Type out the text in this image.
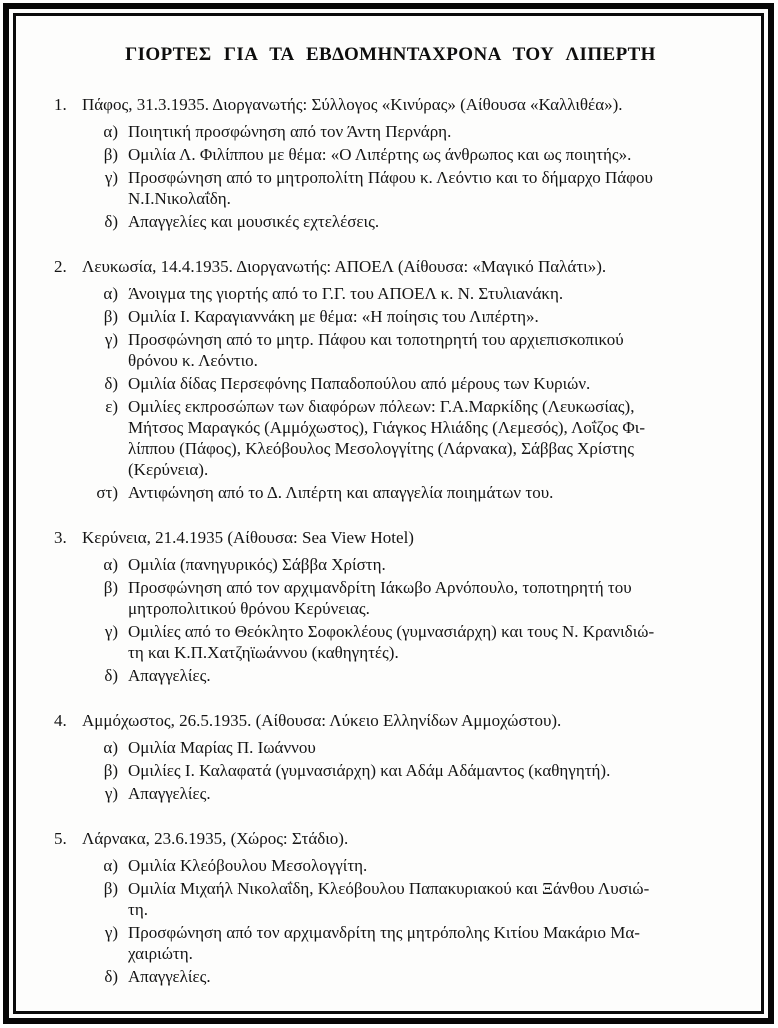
ΓΙΟΡΤΕΣ ΓΙΑ ΤΑ ΕΒΔΟΜΗΝΤΑΧΡΟΝΑ ΤΟΥ ΛΙΠΕΡΤΗ
1. Πάφος, 31.3.1935. Διοργανωτής: Σύλλογος «Κινύρας» (Αίθουσα «Καλλιθέα»).
α) Ποιητική προσφώνηση από τον Άντη Περνάρη.
β) Ομιλία Λ. Φιλίππου με θέμα: «Ο Λιπέρτης ως άνθρωπος και ως ποιητής».
γ) Προσφώνηση από το μητροπολίτη Πάφου κ. Λεόντιο και το δήμαρχο Πάφου
Ν.Ι.Νικολαΐδη.
δ) Απαγγελίες και μουσικές εχτελέσεις.
2. Λευκωσία, 14.4.1935. Διοργανωτής: ΑΠΟΕΛ (Αίθουσα: «Μαγικό Παλάτι»).
α) Άνοιγμα της γιορτής από το Γ.Γ. του ΑΠΟΕΛ κ. Ν. Στυλιανάκη.
β) Ομιλία Ι. Καραγιαννάκη με θέμα: «Η ποίησις του Λιπέρτη».
γ) Προσφώνηση από το μητρ. Πάφου και τοποτηρητή του αρχιεπισκοπικού
θρόνου κ. Λεόντιο.
δ) Ομιλία δίδας Περσεφόνης Παπαδοπούλου από μέρους των Κυριών.
ε) Ομιλίες εκπροσώπων των διαφόρων πόλεων: Γ.Α.Μαρκίδης (Λευκωσίας),
Μήτσος Μαραγκός (Αμμόχωστος), Γιάγκος Ηλιάδης (Λεμεσός), Λοΐζος Φι-
λίππου (Πάφος), Κλεόβουλος Μεσολογγίτης (Λάρνακα), Σάββας Χρίστης
(Κερύνεια).
στ) Αντιφώνηση από το Δ. Λιπέρτη και απαγγελία ποιημάτων του.
3. Κερύνεια, 21.4.1935 (Αίθουσα: Sea View Hotel)
α) Ομιλία (πανηγυρικός) Σάββα Χρίστη.
β) Προσφώνηση από τον αρχιμανδρίτη Ιάκωβο Αρνόπουλο, τοποτηρητή του
μητροπολιτικού θρόνου Κερύνειας.
γ) Ομιλίες από το Θεόκλητο Σοφοκλέους (γυμνασιάρχη) και τους Ν. Κρανιδιώ-
τη και Κ.Π.Χατζηϊωάννου (καθηγητές).
δ) Απαγγελίες.
4. Αμμόχωστος, 26.5.1935. (Αίθουσα: Λύκειο Ελληνίδων Αμμοχώστου).
α) Ομιλία Μαρίας Π. Ιωάννου
β) Ομιλίες Ι. Καλαφατά (γυμνασιάρχη) και Αδάμ Αδάμαντος (καθηγητή).
γ) Απαγγελίες.
5. Λάρνακα, 23.6.1935, (Χώρος: Στάδιο).
α) Ομιλία Κλεόβουλου Μεσολογγίτη.
β) Ομιλία Μιχαήλ Νικολαΐδη, Κλεόβουλου Παπακυριακού και Ξάνθου Λυσιώ-
τη.
γ) Προσφώνηση από τον αρχιμανδρίτη της μητρόπολης Κιτίου Μακάριο Μα-
χαιριώτη.
δ) Απαγγελίες.
